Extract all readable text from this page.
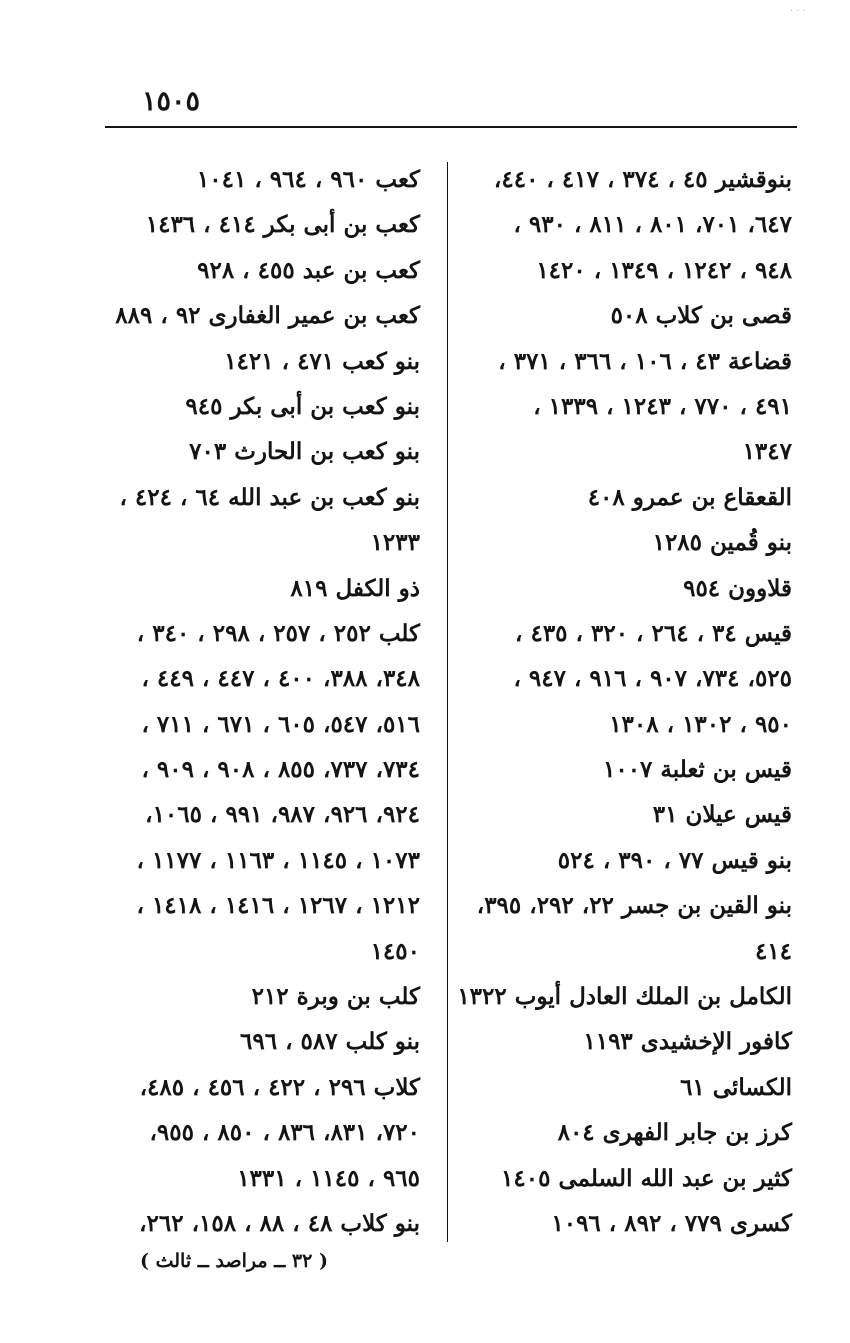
١٥٠٥
· · ·
بنوقشير ٤٥ ، ٣٧٤ ، ٤١٧ ، ٤٤٠،
٦٤٧، ٧٠١، ٨٠١ ، ٨١١ ، ٩٣٠ ،
٩٤٨ ، ١٢٤٢ ، ١٣٤٩ ، ١٤٢٠
قصى بن كلاب ٥٠٨
قضاعة ٤٣ ، ١٠٦ ، ٣٦٦ ، ٣٧١ ،
٤٩١ ، ٧٧٠ ، ١٢٤٣ ، ١٣٣٩ ،
١٣٤٧
القعقاع بن عمرو ٤٠٨
بنو قُمين ١٢٨٥
قلاوون ٩٥٤
قيس ٣٤ ، ٢٦٤ ، ٣٢٠ ، ٤٣٥ ،
٥٢٥، ٧٣٤، ٩٠٧ ، ٩١٦ ، ٩٤٧ ،
٩٥٠ ، ١٣٠٢ ، ١٣٠٨
قيس بن ثعلبة ١٠٠٧
قيس عيلان ٣١
بنو قيس ٧٧ ، ٣٩٠ ، ٥٢٤
بنو القين بن جسر ٢٢، ٢٩٢، ٣٩٥،
٤١٤
الكامل بن الملك العادل أيوب ١٣٢٢
كافور الإخشيدى ١١٩٣
الكسائى ٦١
كرز بن جابر الفهرى ٨٠٤
كثير بن عبد الله السلمى ١٤٠٥
كسرى ٧٧٩ ، ٨٩٢ ، ١٠٩٦
كعب ٩٦٠ ، ٩٦٤ ، ١٠٤١
كعب بن أبى بكر ٤١٤ ، ١٤٣٦
كعب بن عبد ٤٥٥ ، ٩٢٨
كعب بن عمير الغفارى ٩٢ ، ٨٨٩
بنو كعب ٤٧١ ، ١٤٢١
بنو كعب بن أبى بكر ٩٤٥
بنو كعب بن الحارث ٧٠٣
بنو كعب بن عبد الله ٦٤ ، ٤٢٤ ،
١٢٣٣
ذو الكفل ٨١٩
كلب ٢٥٢ ، ٢٥٧ ، ٢٩٨ ، ٣٤٠ ،
٣٤٨، ٣٨٨، ٤٠٠ ، ٤٤٧ ، ٤٤٩ ،
٥١٦، ٥٤٧، ٦٠٥ ، ٦٧١ ، ٧١١ ،
٧٣٤، ٧٣٧، ٨٥٥ ، ٩٠٨ ، ٩٠٩ ،
٩٢٤، ٩٢٦، ٩٨٧، ٩٩١ ، ١٠٦٥،
١٠٧٣ ، ١١٤٥ ، ١١٦٣ ، ١١٧٧ ،
١٢١٢ ، ١٢٦٧ ، ١٤١٦ ، ١٤١٨ ،
١٤٥٠
كلب بن وبرة ٢١٢
بنو كلب ٥٨٧ ، ٦٩٦
كلاب ٢٩٦ ، ٤٢٢ ، ٤٥٦ ، ٤٨٥،
٧٢٠، ٨٣١، ٨٣٦ ، ٨٥٠ ، ٩٥٥،
٩٦٥ ، ١١٤٥ ، ١٣٣١
بنو كلاب ٤٨ ، ٨٨ ، ١٥٨، ٢٦٢،
( ٣٢ ــ مراصد ــ ثالث )
